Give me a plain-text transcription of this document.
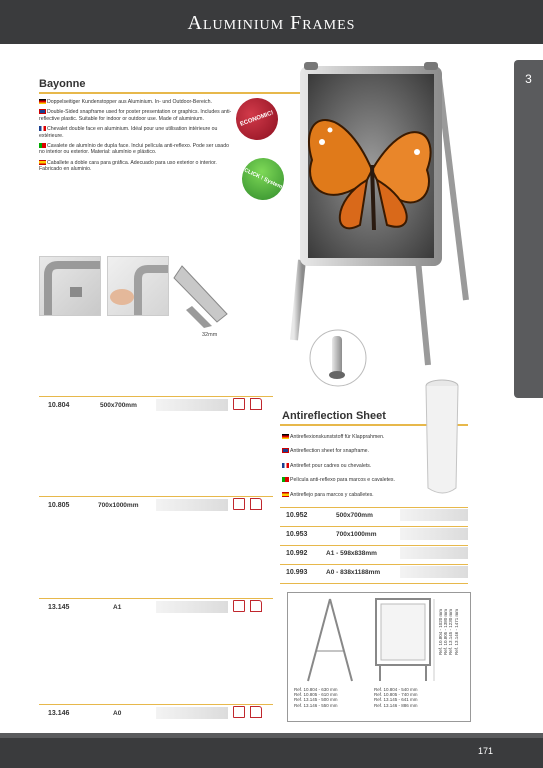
Aluminium Frames
3
Bayonne
Doppelseitiger Kundenstopper aus Aluminium. In- und Outdoor-Bereich.
Double-Sided snapframe used for poster presentation or graphics. Includes anti-reflective plastic. Suitable for indoor or outdoor use. Made of aluminium.
Chevalet double face en aluminium. Idéal pour une utilisation intérieure ou extérieure.
Cavalete de alumínio de dupla face. Inclui película anti-reflexo. Pode ser usado no interior ou exterior. Material: alumínio e plástico.
Caballete a doble cara para gráfica. Adecuado para uso exterior o interior. Fabricado en aluminio.
ECONOMIC!
CLICK ! System
32mm
10.804	500x700mm
10.805	700x1000mm
13.145	A1
13.146	A0
Antireflection Sheet
Antireflexionskunststoff für Klapprahmen.
Antireflection sheet for snapframe.
Antireflet pour cadres ou chevalets.
Película anti-reflexo para marcos e cavaletes.
Antireflejo para marcos y caballetes.
10.952	500x700mm
10.953	700x1000mm
10.992	A1 - 598x838mm
10.993	A0 - 838x1188mm
Ref. 10.804 - 630 mm
Ref. 10.805 - 610 mm
Ref. 13.145 - 500 mm
Ref. 13.146 - 550 mm
Ref. 10.804 - 540 mm
Ref. 10.805 - 740 mm
Ref. 13.145 - 641 mm
Ref. 13.146 - 886 mm
Ref. 10.804 - 1020 mm Ref. 10.805 - 1380 mm Ref. 13.145 - 1230 mm Ref. 13.146 - 1471 mm
171
